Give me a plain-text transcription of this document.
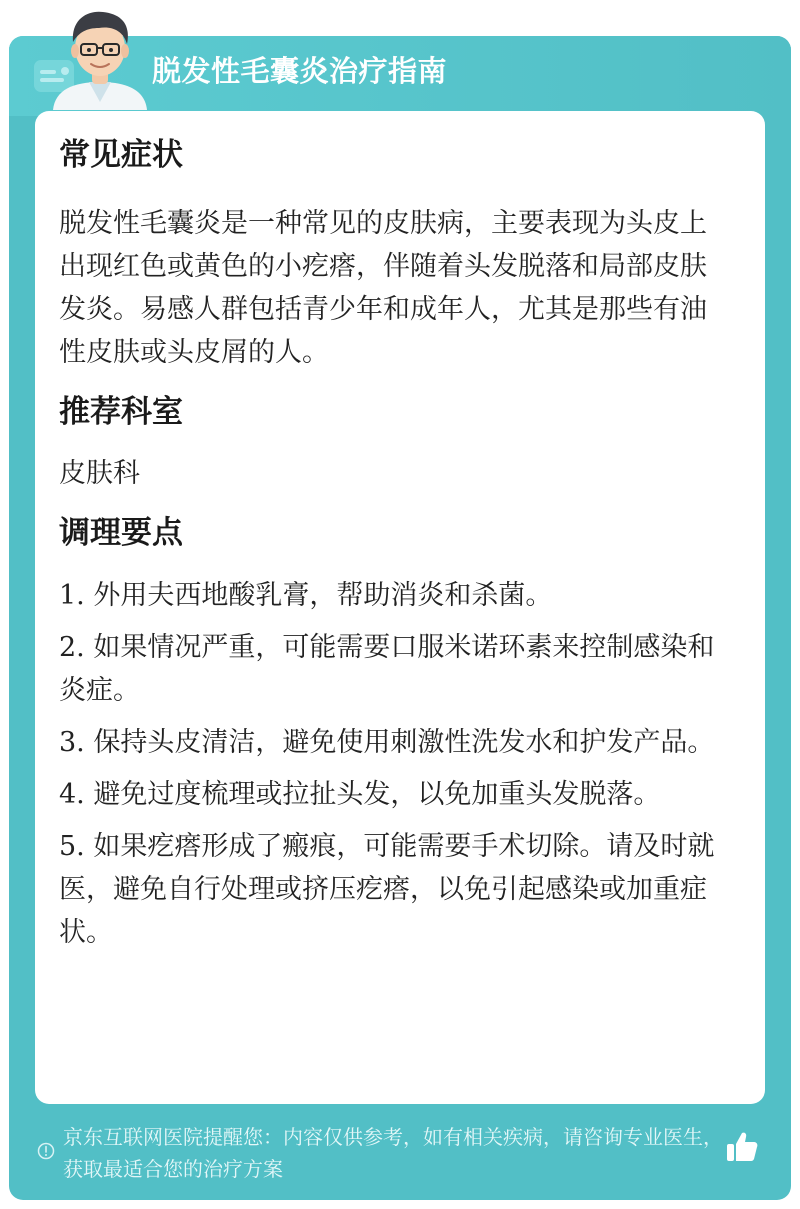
脱发性毛囊炎治疗指南
常见症状

脱发性毛囊炎是一种常见的皮肤病，主要表现为头皮上出现红色或黄色的小疙瘩，伴随着头发脱落和局部皮肤发炎。易感人群包括青少年和成年人，尤其是那些有油性皮肤或头皮屑的人。

推荐科室

皮肤科

调理要点

1. 外用夫西地酸乳膏，帮助消炎和杀菌。

2. 如果情况严重，可能需要口服米诺环素来控制感染和炎症。

3. 保持头皮清洁，避免使用刺激性洗发水和护发产品。

4. 避免过度梳理或拉扯头发，以免加重头发脱落。

5. 如果疙瘩形成了瘢痕，可能需要手术切除。请及时就医，避免自行处理或挤压疙瘩，以免引起感染或加重症状。

京东互联网医院提醒您：内容仅供参考，如有相关疾病，请咨询专业医生，获取最适合您的治疗方案
